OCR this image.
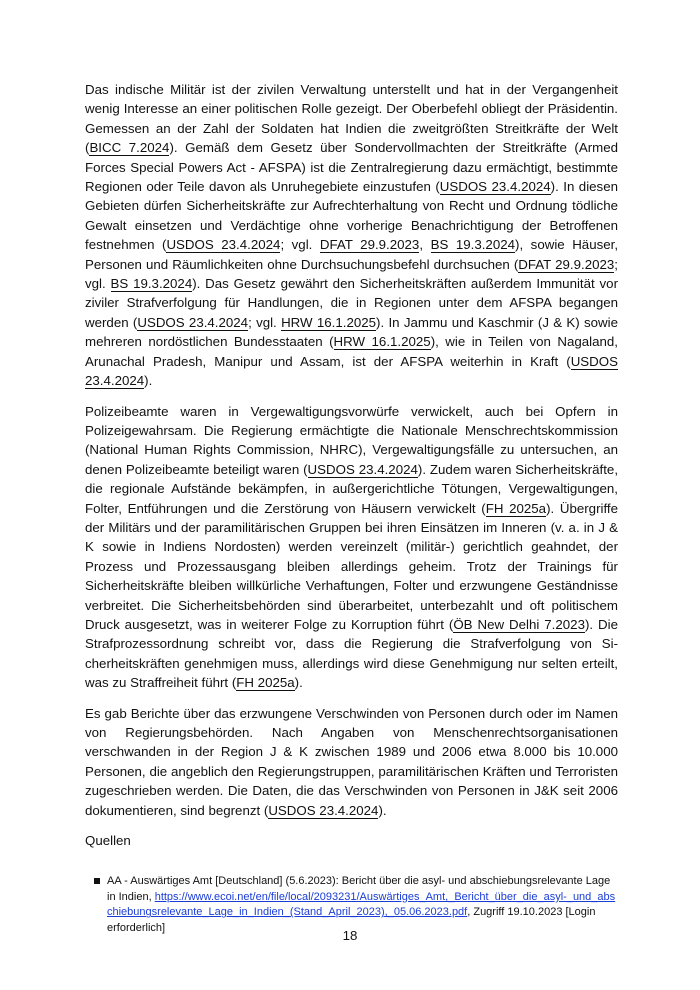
Das indische Militär ist der zivilen Verwaltung unterstellt und hat in der Vergangenheit wenig Interesse an einer politischen Rolle gezeigt. Der Oberbefehl obliegt der Präsidentin. Gemessen an der Zahl der Soldaten hat Indien die zweitgrößten Streitkräfte der Welt (BICC 7.2024). Gemäß dem Gesetz über Sondervollmachten der Streitkräfte (Armed Forces Special Powers Act - AFSPA) ist die Zentralregierung dazu ermächtigt, bestimmte Regionen oder Teile davon als Unruhegebiete einzustufen (USDOS 23.4.2024). In diesen Gebieten dürfen Sicherheitskräfte zur Aufrechterhaltung von Recht und Ordnung tödliche Gewalt einsetzen und Verdächtige ohne vorherige Benachrichtigung der Betroffenen festnehmen (USDOS 23.4.2024; vgl. DFAT 29.9.2023, BS 19.3.2024), sowie Häuser, Personen und Räumlichkeiten ohne Durchsuchungsbefehl durchsuchen (DFAT 29.9.2023; vgl. BS 19.3.2024). Das Gesetz gewährt den Sicherheitskräften außerdem Immunität vor ziviler Strafverfolgung für Handlungen, die in Regionen unter dem AFSPA begangen werden (USDOS 23.4.2024; vgl. HRW 16.1.2025). In Jammu und Kaschmir (J & K) sowie mehreren nordöstlichen Bundesstaaten (HRW 16.1.2025), wie in Teilen von Nagaland, Arunachal Pradesh, Manipur und Assam, ist der AFSPA weiterhin in Kraft (USDOS 23.4.2024).

Polizeibeamte waren in Vergewaltigungsvorwürfe verwickelt, auch bei Opfern in Polizeigewahrsam. Die Regierung ermächtigte die Nationale Menschrechtskommission (National Human Rights Commission, NHRC), Vergewaltigungsfälle zu untersuchen, an denen Polizeibeamte beteiligt waren (USDOS 23.4.2024). Zudem waren Sicherheitskräfte, die regionale Aufstände bekämpfen, in außergerichtliche Tötungen, Vergewaltigungen, Folter, Entführungen und die Zerstörung von Häusern verwickelt (FH 2025a). Übergriffe der Militärs und der paramilitärischen Gruppen bei ihren Einsätzen im Inneren (v. a. in J & K sowie in Indiens Nordosten) werden vereinzelt (militär-) gerichtlich geahndet, der Prozess und Prozessausgang bleiben allerdings geheim. Trotz der Trainings für Sicherheitskräfte bleiben willkürliche Verhaftungen, Folter und erzwungene Geständnisse verbreitet. Die Sicherheitsbehörden sind überarbeitet, unterbezahlt und oft politischem Druck ausgesetzt, was in weiterer Folge zu Korruption führt (ÖB New Delhi 7.2023). Die Strafprozessordnung schreibt vor, dass die Regierung die Strafverfolgung von Sicherheitskräften genehmigen muss, allerdings wird diese Genehmigung nur selten erteilt, was zu Straffreiheit führt (FH 2025a).

Es gab Berichte über das erzwungene Verschwinden von Personen durch oder im Namen von Regierungsbehörden. Nach Angaben von Menschenrechtsorganisationen verschwanden in der Region J & K zwischen 1989 und 2006 etwa 8.000 bis 10.000 Personen, die angeblich den Regierungstruppen, paramilitärischen Kräften und Terroristen zugeschrieben werden. Die Daten, die das Verschwinden von Personen in J&K seit 2006 dokumentieren, sind begrenzt (USDOS 23.4.2024).

Quellen
AA - Auswärtiges Amt [Deutschland] (5.6.2023): Bericht über die asyl- und abschiebungsrelevante Lage in Indien, https://www.ecoi.net/en/file/local/2093231/Auswärtiges_Amt,_Bericht_über_die_asyl-_und_abschiebungsrelevante_Lage_in_Indien_(Stand_April_2023),_05.06.2023.pdf, Zugriff 19.10.2023 [Login erforderlich]
18
